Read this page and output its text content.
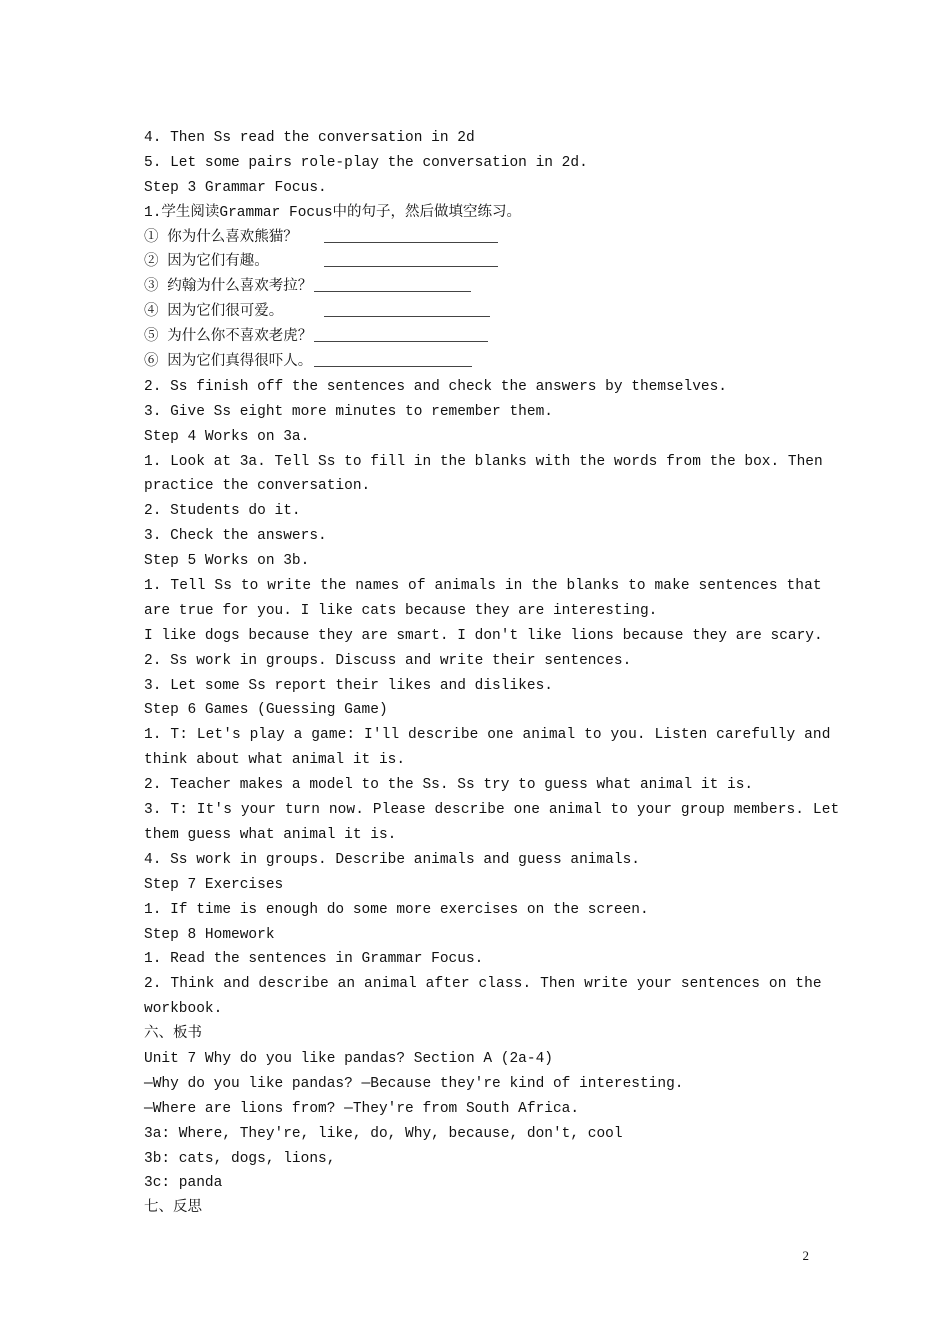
4. Then Ss read the conversation in 2d
5. Let some pairs role-play the conversation in 2d.
Step 3 Grammar Focus.
1.学生阅读Grammar Focus中的句子，然后做填空练习。
① 你为什么喜欢熊猫？
② 因为它们有趣。
③ 约翰为什么喜欢考拉？
④ 因为它们很可爱。
⑤ 为什么你不喜欢老虎？
⑥ 因为它们真得很吓人。
2. Ss finish off the sentences and check the answers by themselves.
3. Give Ss eight more minutes to remember them.
Step 4 Works on 3a.
1. Look at 3a. Tell Ss to fill in the blanks with the words from the box. Then
practice the conversation.
2. Students do it.
3. Check the answers.
Step 5 Works on 3b.
1. Tell Ss to write the names of animals in the blanks to make sentences that
are true for you. I like cats because they are interesting.
I like dogs because they are smart. I don't like lions because they are scary.
2. Ss work in groups. Discuss and write their sentences.
3. Let some Ss report their likes and dislikes.
Step 6 Games (Guessing Game)
1. T: Let's play a game: I'll describe one animal to you. Listen carefully and
think about what animal it is.
2. Teacher makes a model to the Ss. Ss try to guess what animal it is.
3. T: It's your turn now. Please describe one animal to your group members. Let
them guess what animal it is.
4. Ss work in groups. Describe animals and guess animals.
Step 7 Exercises
1. If time is enough do some more exercises on the screen.
Step 8 Homework
1. Read the sentences in Grammar Focus.
2. Think and describe an animal after class. Then write your sentences on the
workbook.
六、板书
Unit 7 Why do you like pandas? Section A (2a-4)
—Why do you like pandas? —Because they're kind of interesting.
—Where are lions from? —They're from South Africa.
3a: Where, They're, like, do, Why, because, don't, cool
3b: cats, dogs, lions,
3c: panda
七、反思
2
